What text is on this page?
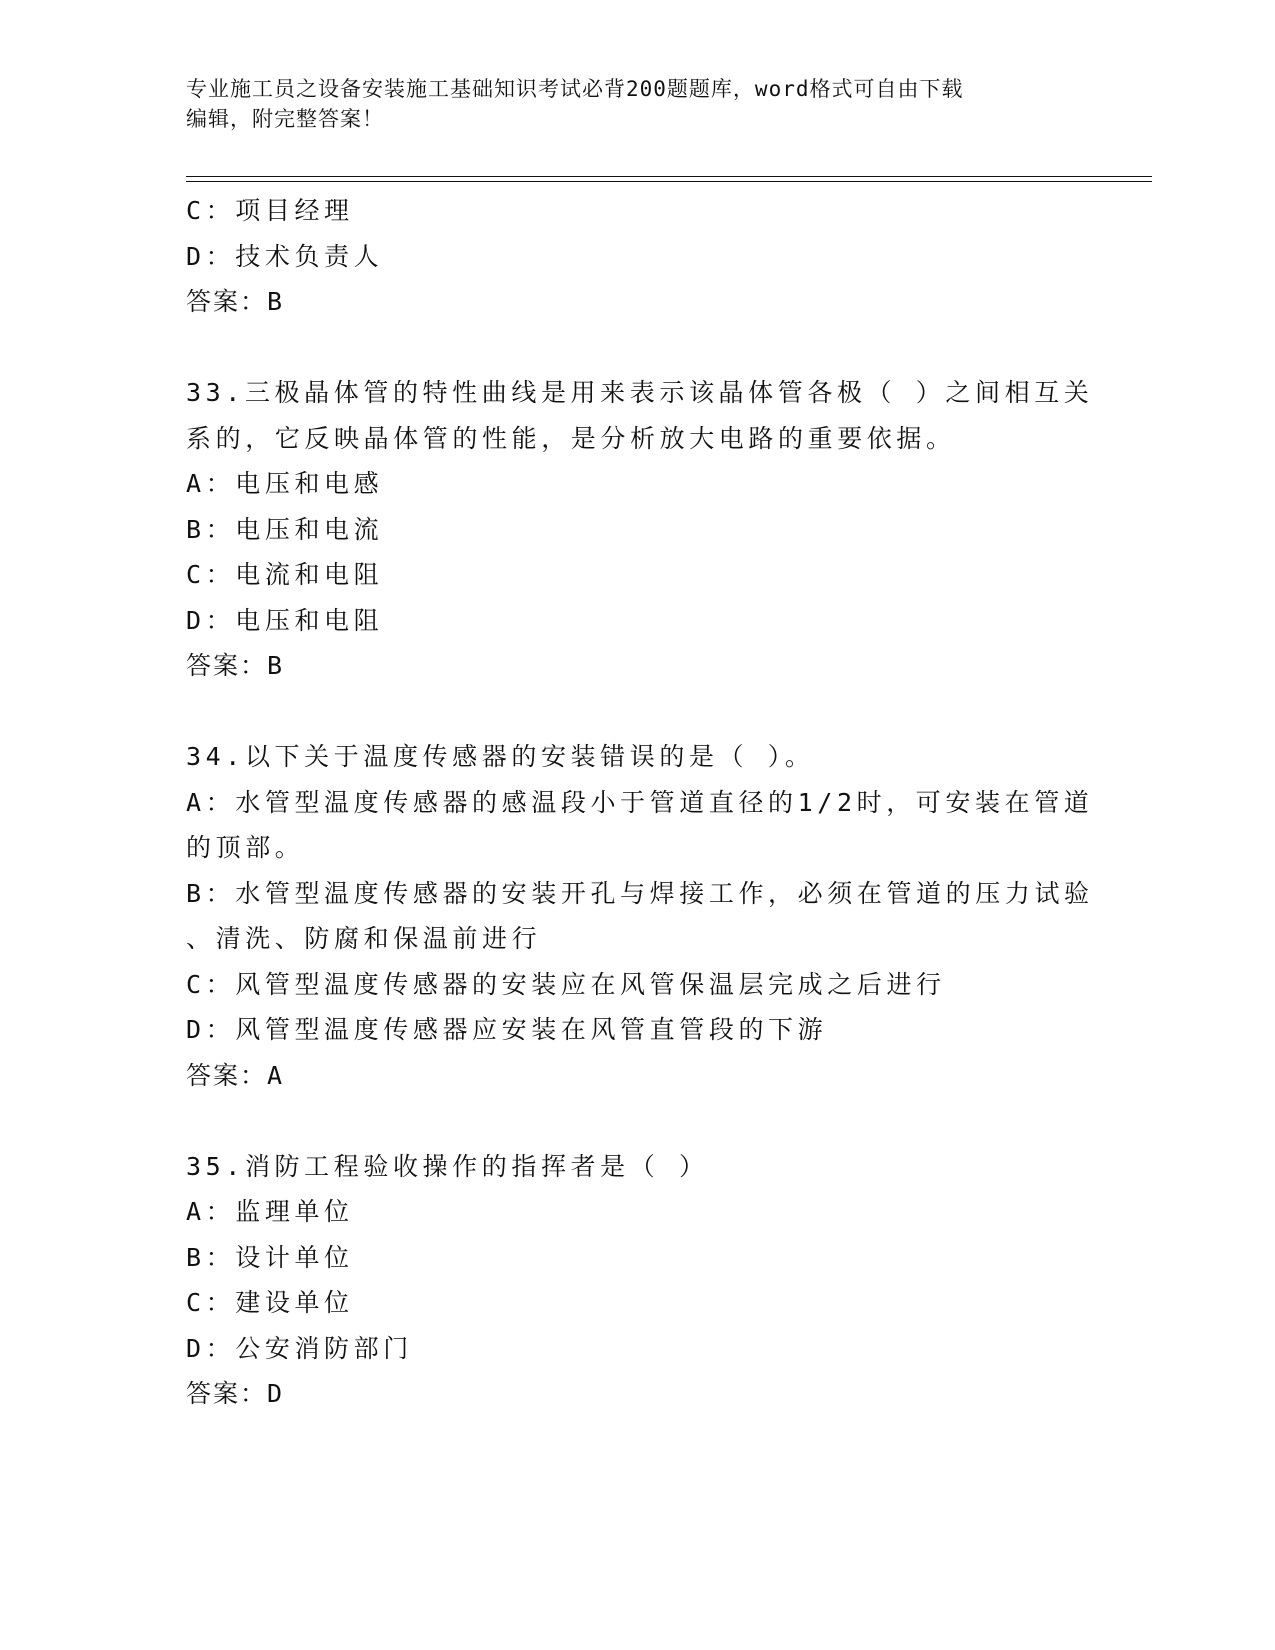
专业施工员之设备安装施工基础知识考试必背200题题库，word格式可自由下载
编辑，附完整答案！
C：项目经理
D：技术负责人
答案：B
33.三极晶体管的特性曲线是用来表示该晶体管各极（ ）之间相互关
系的，它反映晶体管的性能，是分析放大电路的重要依据。
A：电压和电感
B：电压和电流
C：电流和电阻
D：电压和电阻
答案：B
34.以下关于温度传感器的安装错误的是（ ）。
A：水管型温度传感器的感温段小于管道直径的1/2时，可安装在管道
的顶部。
B：水管型温度传感器的安装开孔与焊接工作，必须在管道的压力试验
、清洗、防腐和保温前进行
C：风管型温度传感器的安装应在风管保温层完成之后进行
D：风管型温度传感器应安装在风管直管段的下游
答案：A
35.消防工程验收操作的指挥者是（ ）
A：监理单位
B：设计单位
C：建设单位
D：公安消防部门
答案：D
